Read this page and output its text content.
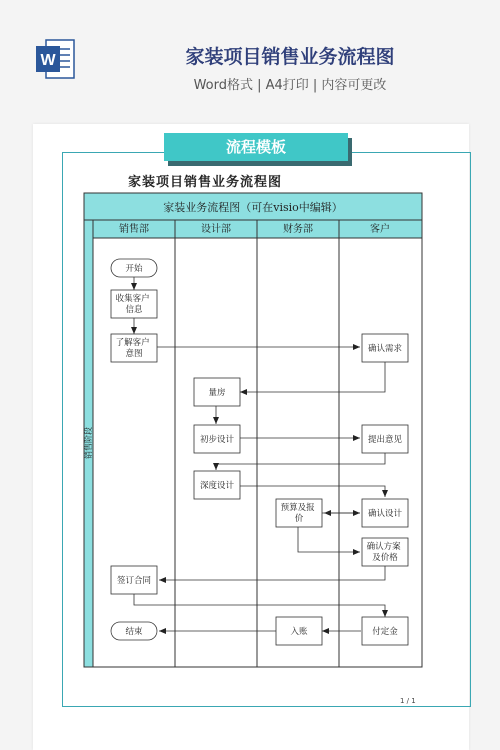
W	家装项目销售业务流程图
Word格式 | A4打印 | 内容可更改
流程模板
家装项目销售业务流程图
1 / 1
家装业务流程图（可在visio中编辑）
销售部	设计部	财务部	客户
销售阶段
开始
收集客户 信息
了解客户 意图	确认需求
量房
初步设计	提出意见
深度设计
预算及报 价	确认设计
确认方案 及价格
签订合同
付定金
入账
结束
